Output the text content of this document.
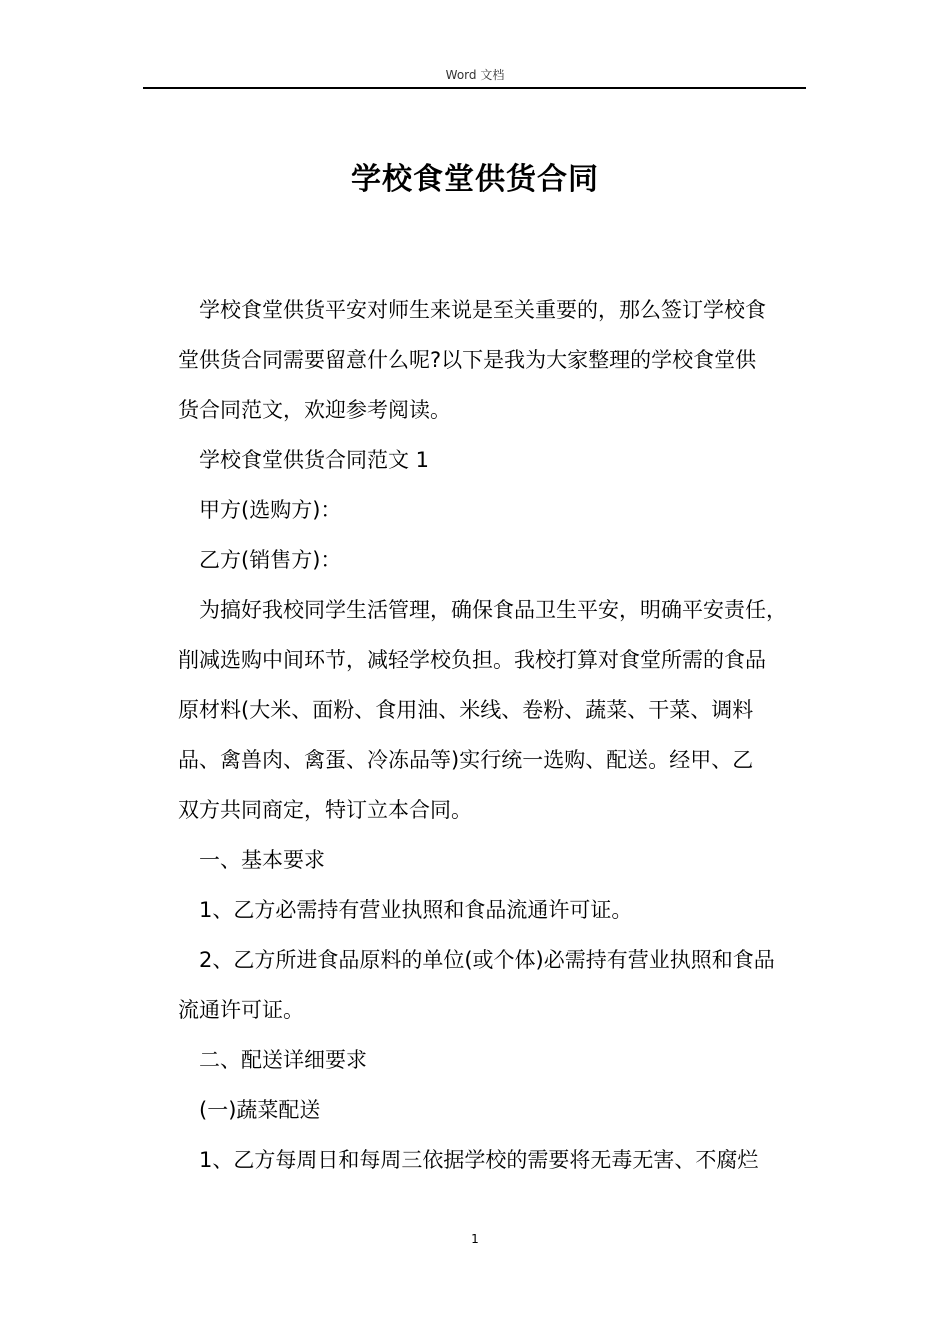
Word 文档
学校食堂供货合同

学校食堂供货平安对师生来说是至关重要的，那么签订学校食

堂供货合同需要留意什么呢?以下是我为大家整理的学校食堂供

货合同范文，欢迎参考阅读。

学校食堂供货合同范文 1

甲方(选购方)：

乙方(销售方)：

为搞好我校同学生活管理，确保食品卫生平安，明确平安责任，

削减选购中间环节，减轻学校负担。我校打算对食堂所需的食品

原材料(大米、面粉、食用油、米线、卷粉、蔬菜、干菜、调料

品、禽兽肉、禽蛋、冷冻品等)实行统一选购、配送。经甲、乙

双方共同商定，特订立本合同。

一、基本要求

1、乙方必需持有营业执照和食品流通许可证。

2、乙方所进食品原料的单位(或个体)必需持有营业执照和食品

流通许可证。

二、配送详细要求

(一)蔬菜配送

1、乙方每周日和每周三依据学校的需要将无毒无害、不腐烂

1
